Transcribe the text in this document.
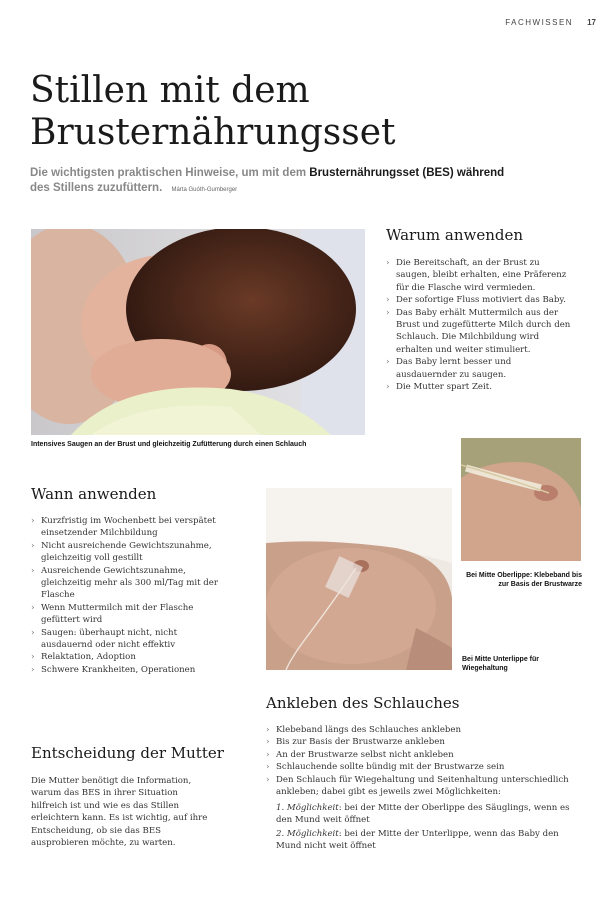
FACHWISSEN 17
Stillen mit dem
Brusternährungsset
Die wichtigsten praktischen Hinweise, um mit dem Brusternährungsset (BES) während
des Stillens zuzufüttern. Márta Guóth-Gumberger
Intensives Saugen an der Brust und gleichzeitig Zufütterung durch einen Schlauch
Warum anwenden
› Die Bereitschaft, an der Brust zu saugen, bleibt erhalten, eine Präferenz für die Flasche wird vermieden.
› Der sofortige Fluss motiviert das Baby.
› Das Baby erhält Muttermilch aus der Brust und zugefütterte Milch durch den Schlauch. Die Milchbildung wird erhalten und weiter stimuliert.
› Das Baby lernt besser und ausdauernder zu saugen.
› Die Mutter spart Zeit.
Bei Mitte Oberlippe: Klebeband bis zur Basis der Brustwarze
Wann anwenden
› Kurzfristig im Wochenbett bei verspätet einsetzender Milchbildung
› Nicht ausreichende Gewichtszunahme, gleichzeitig voll gestillt
› Ausreichende Gewichtszunahme, gleichzeitig mehr als 300 ml/Tag mit der Flasche
› Wenn Muttermilch mit der Flasche gefüttert wird
› Saugen: überhaupt nicht, nicht ausdauernd oder nicht effektiv
› Relaktation, Adoption
› Schwere Krankheiten, Operationen
Bei Mitte Unterlippe für Wiegehaltung
Ankleben des Schlauches
› Klebeband längs des Schlauches ankleben
› Bis zur Basis der Brustwarze ankleben
› An der Brustwarze selbst nicht ankleben
› Schlauchende sollte bündig mit der Brustwarze sein
› Den Schlauch für Wiegehaltung und Seitenhaltung unterschiedlich ankleben; dabei gibt es jeweils zwei Möglichkeiten:
1. Möglichkeit: bei der Mitte der Oberlippe des Säuglings, wenn es den Mund weit öffnet
2. Möglichkeit: bei der Mitte der Unterlippe, wenn das Baby den Mund nicht weit öffnet
Entscheidung der Mutter
Die Mutter benötigt die Information, warum das BES in ihrer Situation hilfreich ist und wie es das Stillen erleichtern kann. Es ist wichtig, auf ihre Entscheidung, ob sie das BES ausprobieren möchte, zu warten.
